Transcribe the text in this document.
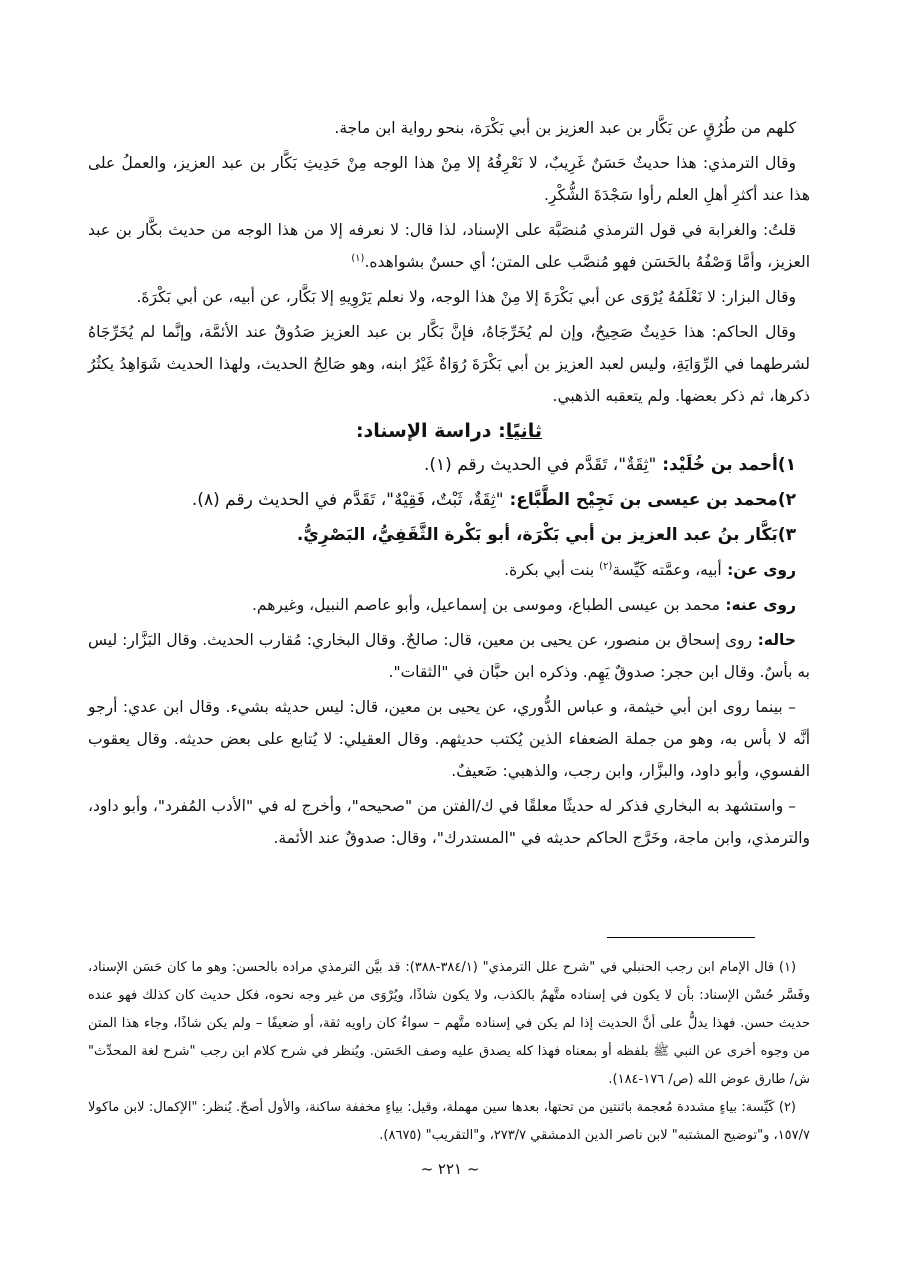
كلهم من طُرُقٍ عن بَكَّار بن عبد العزيز بن أبي بَكْرَة، بنحو رواية ابن ماجة.

وقال الترمذي: هذا حديثٌ حَسَنٌ غَرِيبٌ، لا نَعْرِفُهُ إلا مِنْ هذا الوجه مِنْ حَدِيثِ بَكَّار بن عبد العزيز، والعملُ على هذا عند أكثرِ أهلِ العلم رأوا سَجْدَةَ الشُّكْرِ.

قلتُ: والغرابة في قول الترمذي مُنصَبَّة على الإسناد، لذا قال: لا نعرفه إلا من هذا الوجه من حديث بكَّار بن عبد العزيز، وأمَّا وَصْفُهُ بالحَسَن فهو مُنصَّب على المتن؛ أي حسنٌ بشواهده.$^{(١)}$

وقال البزار: لا نَعْلَمُهُ يُرْوَى عن أبي بَكْرَةَ إلا مِنْ هذا الوجه، ولا نعلم يَرْوِيهِ إلا بَكَّار، عن أبيه، عن أبي بَكْرَةَ.

وقال الحاكم: هذا حَدِيثٌ صَحِيحٌ، وإن لم يُخَرِّجَاهُ، فإنَّ بَكَّار بن عبد العزيز صَدُوقٌ عند الأئمَّة، وإنَّما لم يُخَرِّجَاهُ لشرطهما في الرِّوَايَةِ، وليس لعبد العزيز بن أبي بَكْرَةَ رُوَاةٌ غَيْرُ ابنه، وهو صَالِحُ الحديث، ولهذا الحديث شَوَاهِدُ يكثُرُ ذكرها، ثم ذكر بعضها. ولم يتعقبه الذهبي.

ثانيًا: دراسة الإسناد:

١)أحمد بن خُلَيْد: "ثِقَةٌ"، تَقَدَّم في الحديث رقم (١).

٢)محمد بن عيسى بن نَجِيْح الطَّبَّاع: "ثِقَةٌ، ثَبْتٌ، فَقِيْهٌ"، تَقَدَّم في الحديث رقم (٨).

٣)بَكَّار بنُ عبد العزيز بن أبي بَكْرَة، أبو بَكْرة الثَّقَفِيُّ، البَصْرِيُّ.

روى عن: أبيه، وعمَّته كَيِّسة$^{(٢)}$ بنت أبي بكرة.

روى عنه: محمد بن عيسى الطباع، وموسى بن إسماعيل، وأبو عاصم النبيل، وغيرهم.

حاله: روى إسحاق بن منصور، عن يحيى بن معين، قال: صالحٌ. وقال البخاري: مُقارب الحديث. وقال البَزَّار: ليس به بأسٌ. وقال ابن حجر: صدوقٌ يَهِم. وذكره ابن حبَّان في "الثقات".

– بينما روى ابن أبي خيثمة، و عباس الدُّوري، عن يحيى بن معين، قال: ليس حديثه بشيء. وقال ابن عدي: أرجو أنَّه لا بأس به، وهو من جملة الضعفاء الذين يُكتب حديثهم. وقال العقيلي: لا يُتابع على بعض حديثه. وقال يعقوب الفسوي، وأبو داود، والبزَّار، وابن رجب، والذهبي: ضَعيفٌ.

– واستشهد به البخاري فذكر له حديثًا معلقًا في ك/الفتن من "صحيحه"، وأخرج له في "الأدب المُفرد"، وأبو داود، والترمذي، وابن ماجة، وخَرَّج الحاكم حديثه في "المستدرك"، وقال: صدوقٌ عند الأئمة.

(١) قال الإمام ابن رجب الحنبلي في "شرح علل الترمذي" (٣٨٤/١-٣٨٨): قد بيَّن الترمذي مراده بالحسن: وهو ما كان حَسَن الإسناد، وفَسَّر حُسْن الإسناد: بأن لا يكون في إسناده متَّهمٌ بالكذب، ولا يكون شاذًا، ويُرْوَى من غير وجه نحوه، فكل حديث كان كذلك فهو عنده حديث حسن. فهذا يدلُّ على أنَّ الحديث إذا لم يكن في إسناده متَّهم – سواءٌ كان راويه ثقة، أو ضعيفًا – ولم يكن شاذًا، وجاء هذا المتن من وجوه أخرى عن النبي ﷺ بلفظه أو بمعناه فهذا كله يصدق عليه وصف الحَسَن. ويُنظر في شرح كلام ابن رجب "شرح لغة المحدِّث" ش/ طارق عوض الله (ص/ ١٧٦-١٨٤).

(٢) كَيِّسة: بياءٍ مشددة مُعجمة باثنتين من تحتها، بعدها سين مهملة، وقيل: بياءٍ مخففة ساكنة، والأول أصحّ. يُنظر: "الإكمال: لابن ماكولا ١٥٧/٧، و"توضيح المشتبه" لابن ناصر الدين الدمشقي ٢٧٣/٧، و"التقريب" (٨٦٧٥).

~ ٢٢١ ~
